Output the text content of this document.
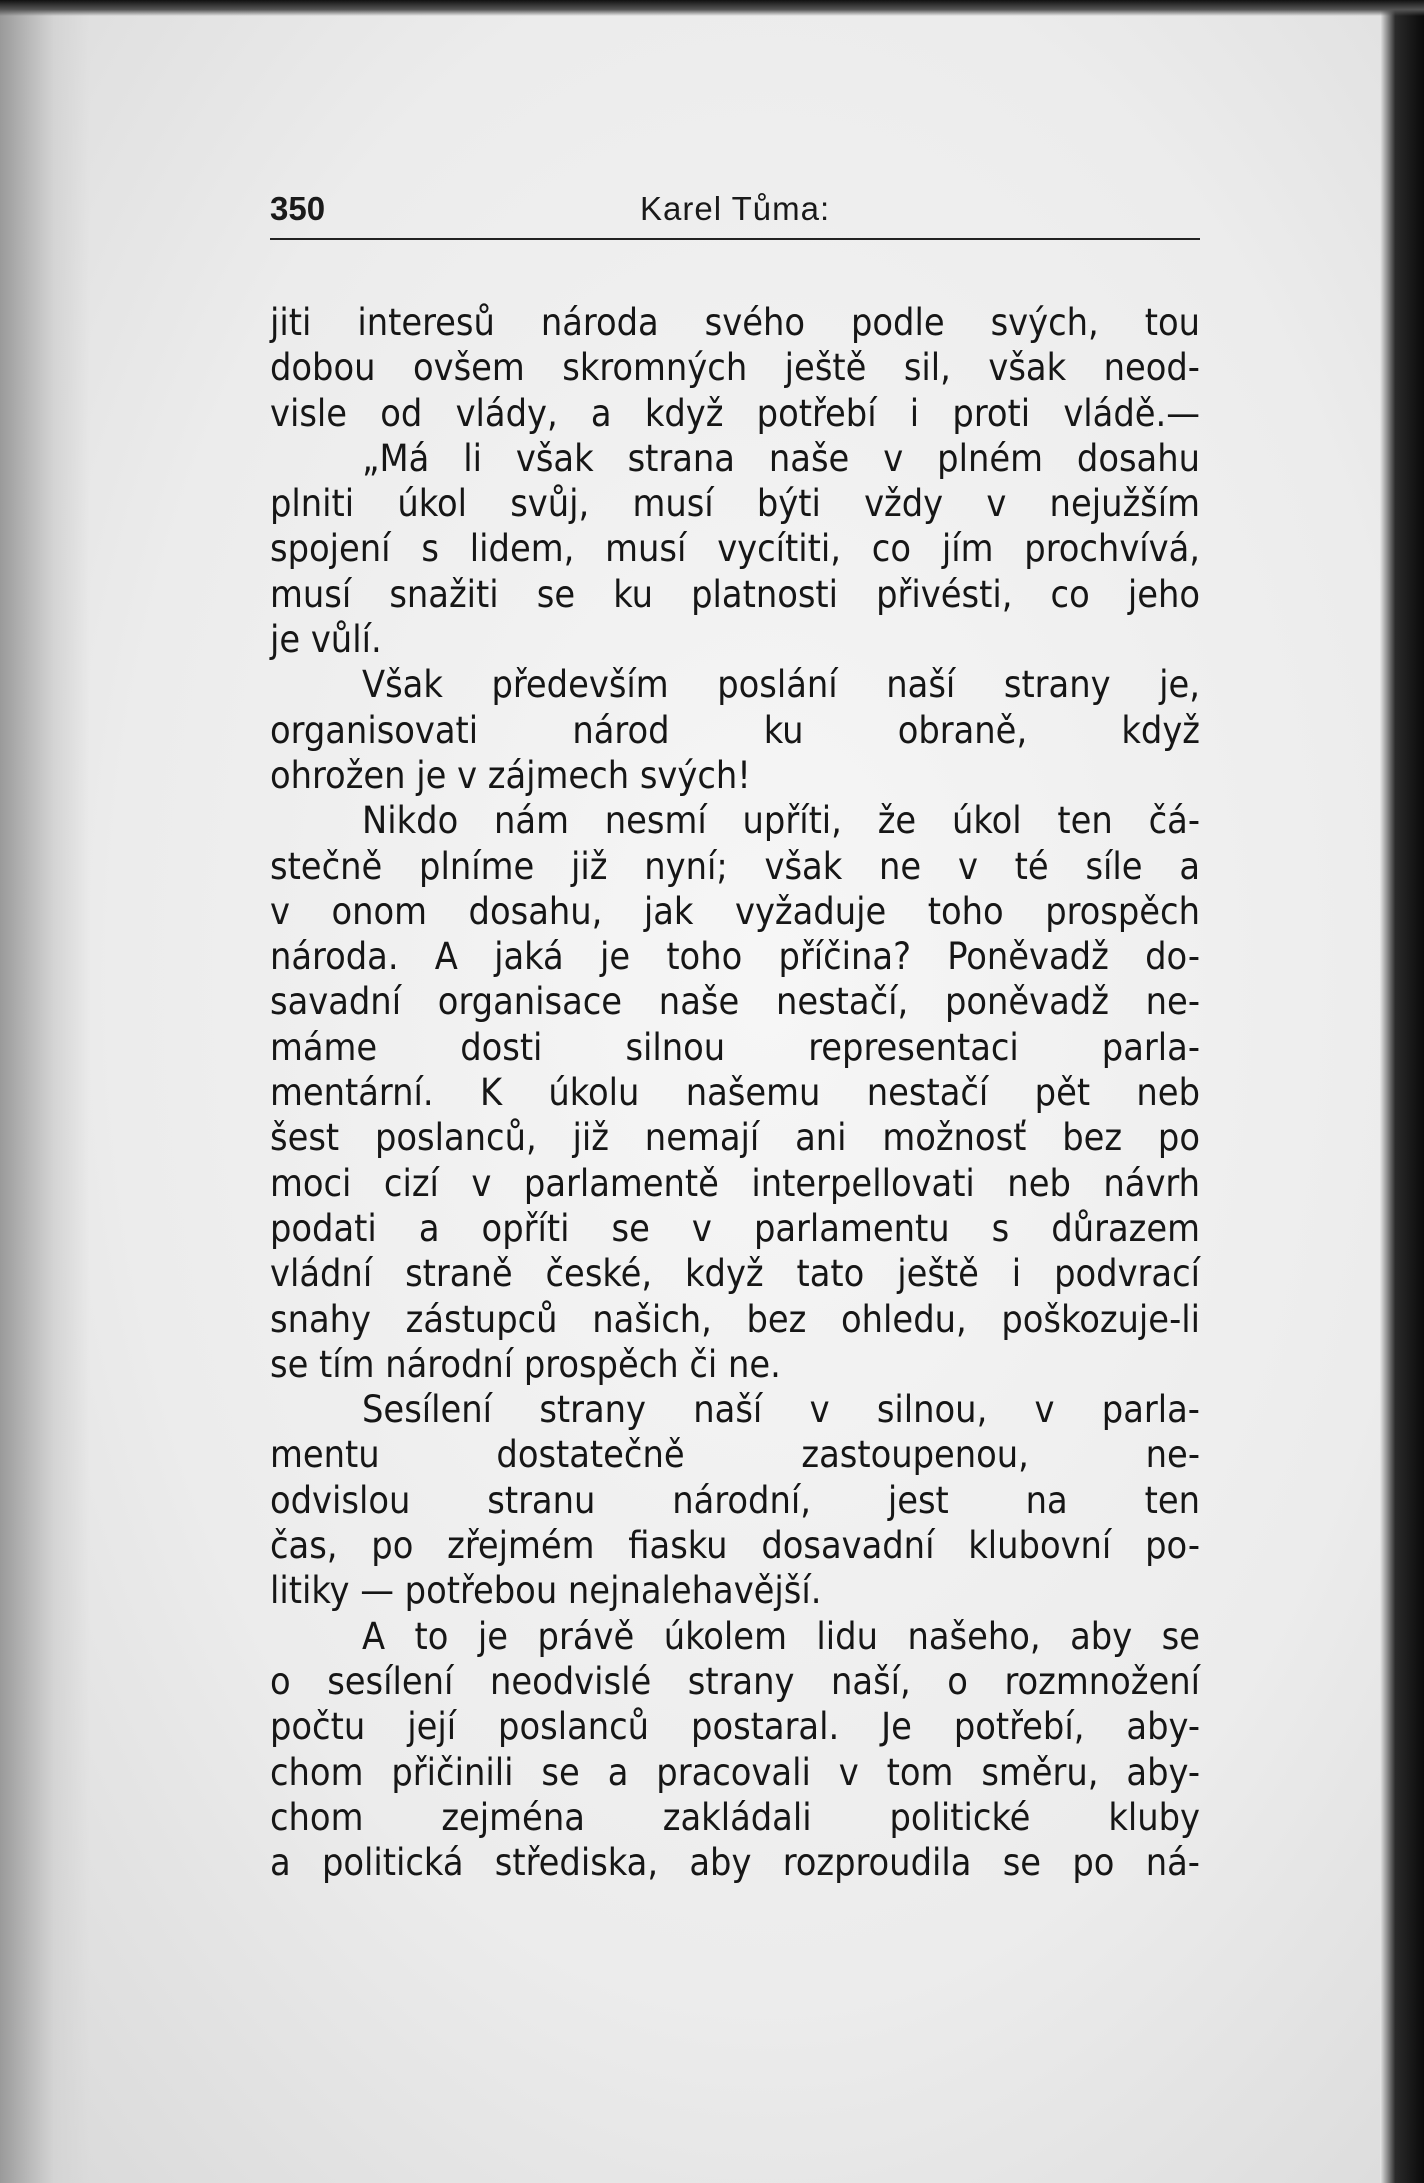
350	Karel Tůma:
jiti interesů národa svého podle svých, tou
dobou ovšem skromných ještě sil, však neod-
visle od vlády, a když potřebí i proti vládě.—
„Má li však strana naše v plném dosahu
plniti úkol svůj, musí býti vždy v nejužším
spojení s lidem, musí vycítiti, co jím prochvívá,
musí snažiti se ku platnosti přivésti, co jeho
je vůlí.
Však především poslání naší strany je,
organisovati národ ku obraně, když
ohrožen je v zájmech svých!
Nikdo nám nesmí upříti, že úkol ten čá-
stečně plníme již nyní; však ne v té síle a
v onom dosahu, jak vyžaduje toho prospěch
národa. A jaká je toho příčina? Poněvadž do-
savadní organisace naše nestačí, poněvadž ne-
máme dosti silnou representaci parla-
mentární. K úkolu našemu nestačí pět neb
šest poslanců, již nemají ani možnosť bez po
moci cizí v parlamentě interpellovati neb návrh
podati a opříti se v parlamentu s důrazem
vládní straně české, když tato ještě i podvrací
snahy zástupců našich, bez ohledu, poškozuje-li
se tím národní prospěch či ne.
Sesílení strany naší v silnou, v parla-
mentu dostatečně zastoupenou, ne-
odvislou stranu národní, jest na ten
čas, po zřejmém fiasku dosavadní klubovní po-
litiky — potřebou nejnalehavější.
A to je právě úkolem lidu našeho, aby se
o sesílení neodvislé strany naší, o rozmnožení
počtu její poslanců postaral. Je potřebí, aby-
chom přičinili se a pracovali v tom směru, aby-
chom zejména zakládali politické kluby
a politická střediska, aby rozproudila se po ná-
